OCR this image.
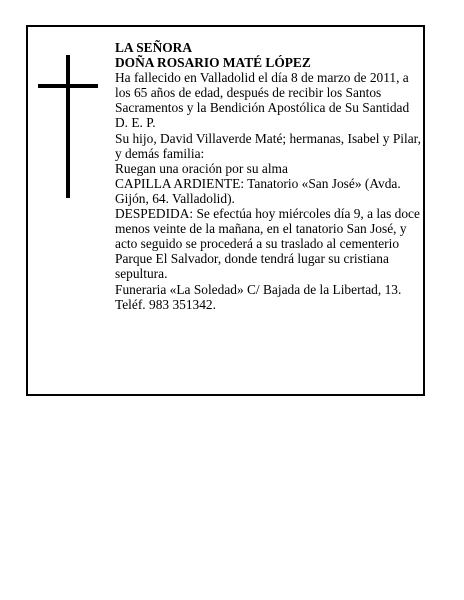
LA SEÑORA

DOÑA ROSARIO MATÉ LÓPEZ

Ha fallecido en Valladolid el día 8 de marzo de 2011, a los 65 años de edad, después de recibir los Santos Sacramentos y la Bendición Apostólica de Su Santidad D. E. P.

Su hijo, David Villaverde Maté; hermanas, Isabel y Pilar, y demás familia:

Ruegan una oración por su alma

CAPILLA ARDIENTE: Tanatorio «San José» (Avda. Gijón, 64. Valladolid).

DESPEDIDA: Se efectúa hoy miércoles día 9, a las doce menos veinte de la mañana, en el tanatorio San José, y acto seguido se procederá a su traslado al cementerio Parque El Salvador, donde tendrá lugar su cristiana sepultura.

Funeraria «La Soledad» C/ Bajada de la Libertad, 13. Teléf. 983 351342.
